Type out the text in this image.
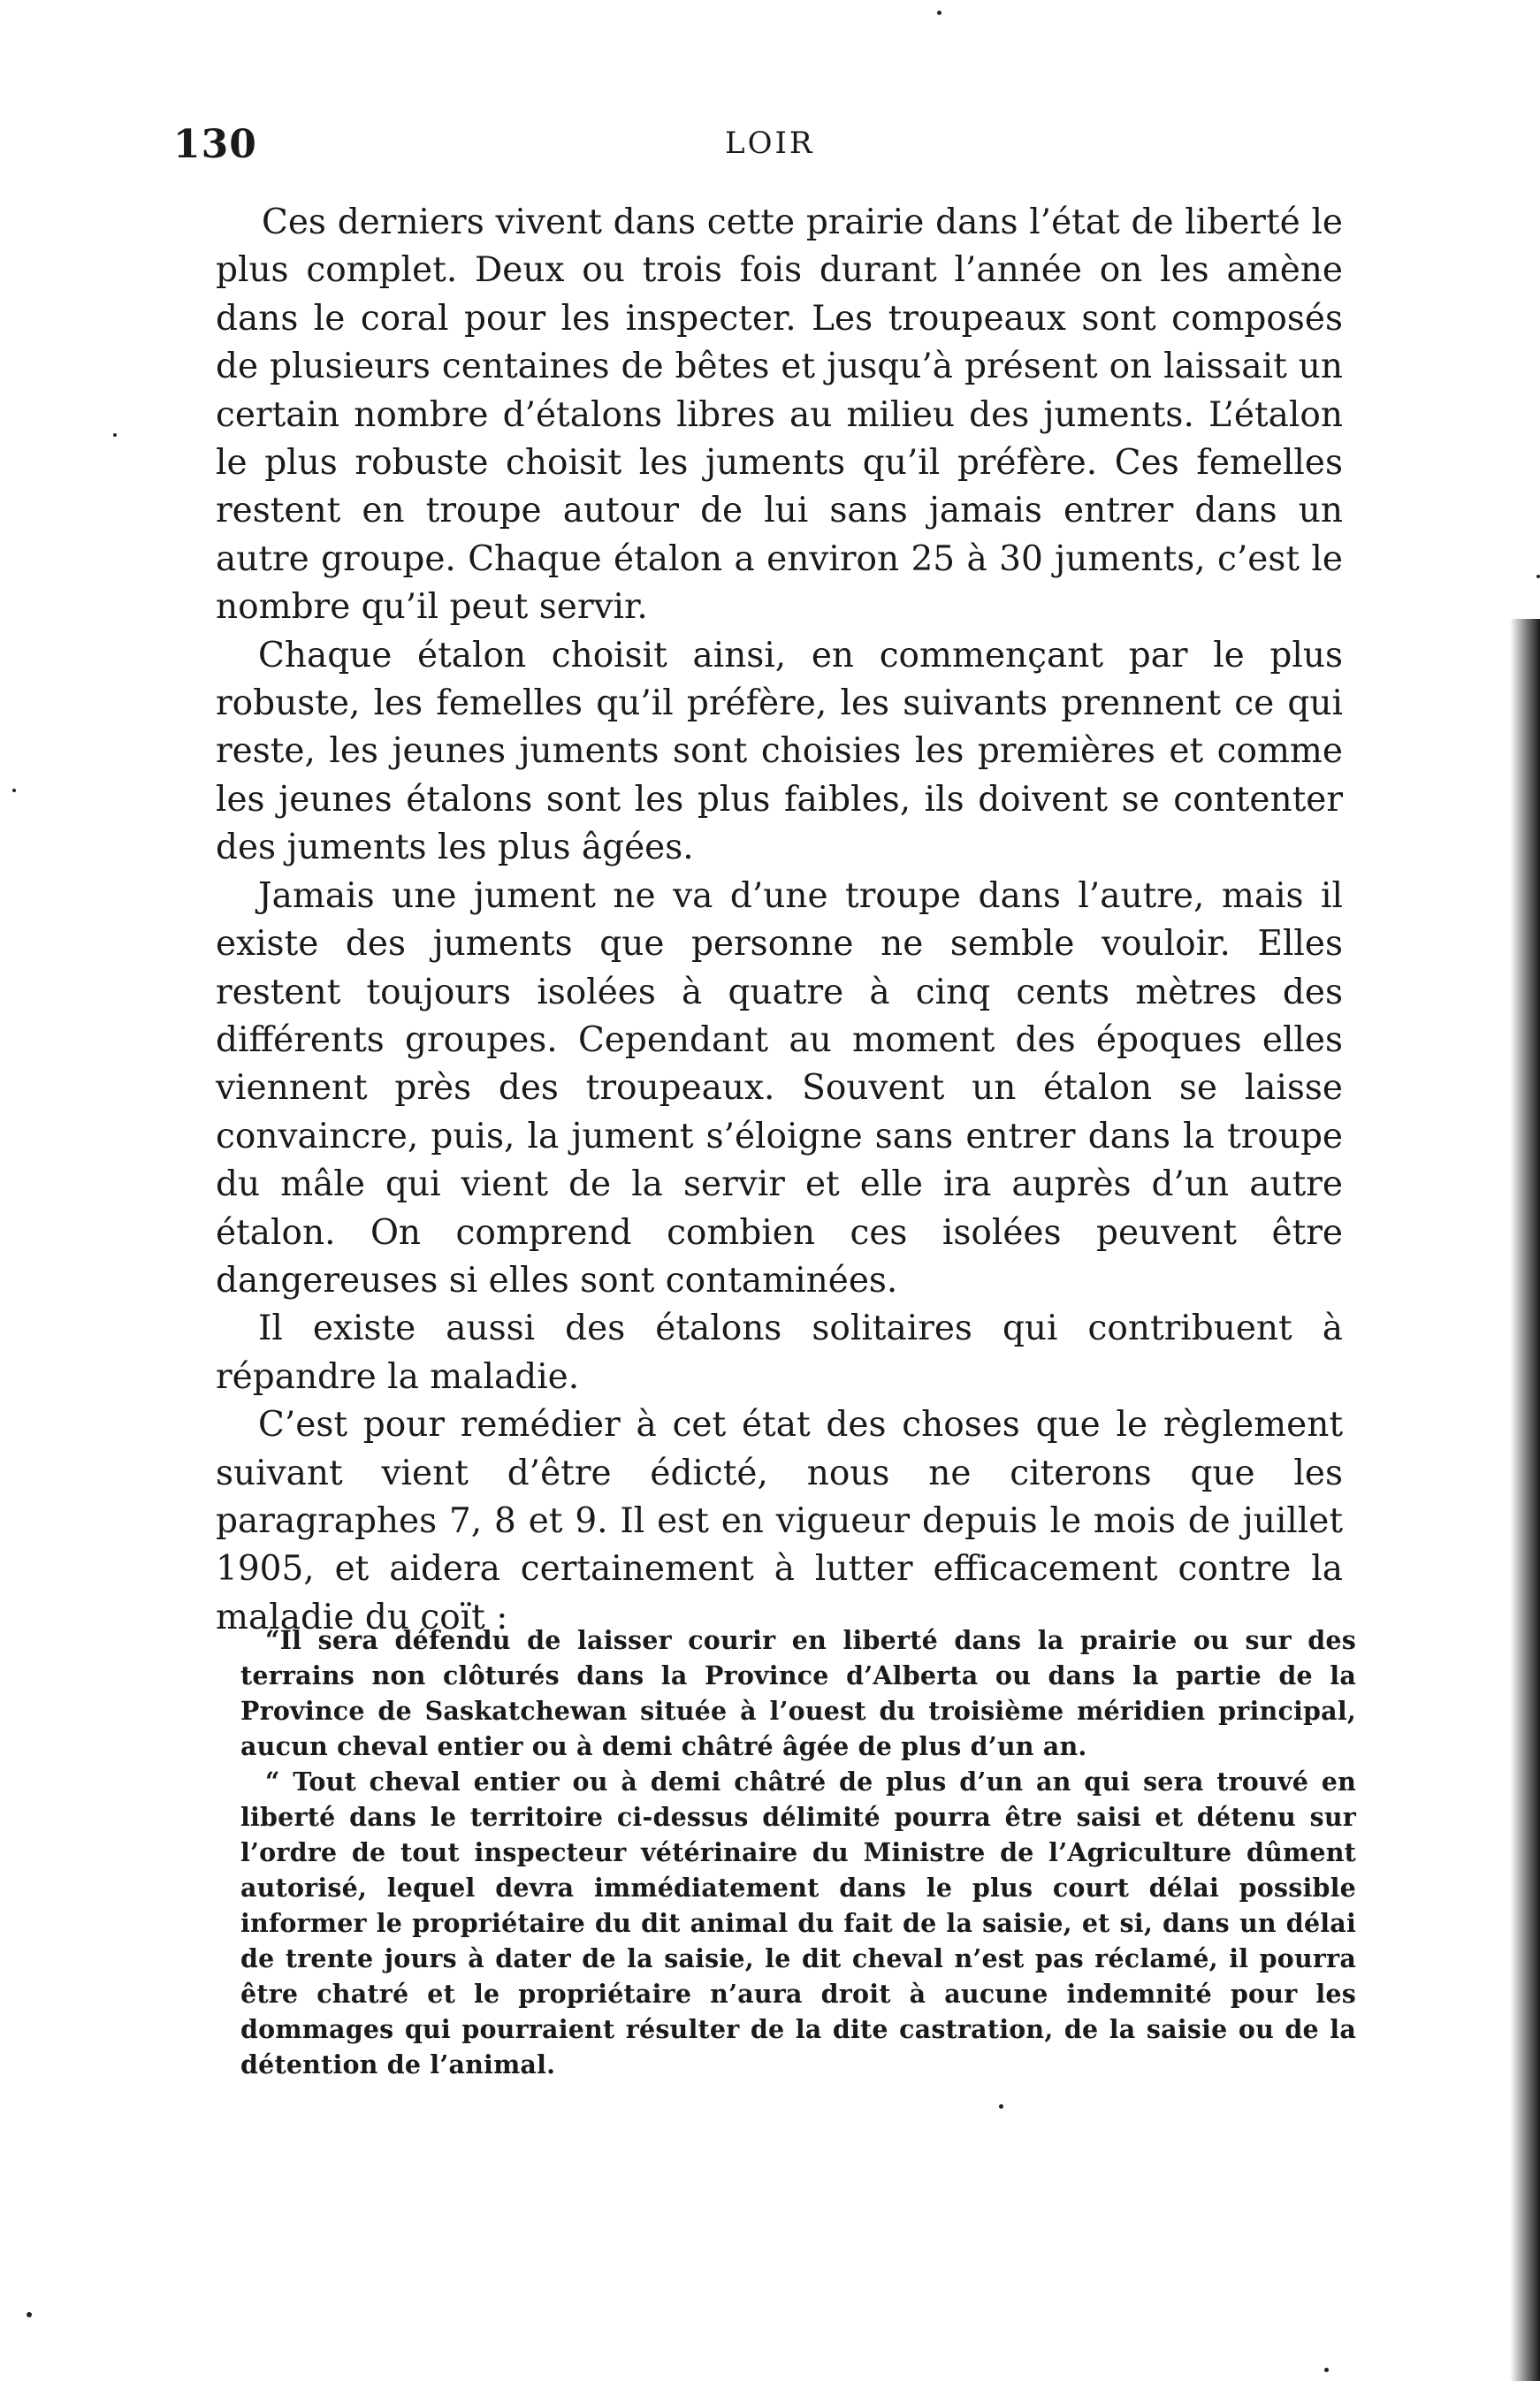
130	LOIR

Ces derniers vivent dans cette prairie dans l’état de liberté le plus complet. Deux ou trois fois durant l’année on les amène dans le coral pour les inspecter. Les troupeaux sont composés de plusieurs centaines de bêtes et jusqu’à présent on laissait un certain nombre d’étalons libres au milieu des juments. L’étalon le plus robuste choisit les juments qu’il préfère. Ces femelles restent en troupe autour de lui sans jamais entrer dans un autre groupe. Chaque étalon a environ 25 à 30 juments, c’est le nombre qu’il peut servir.

Chaque étalon choisit ainsi, en commençant par le plus robuste, les femelles qu’il préfère, les suivants prennent ce qui reste, les jeunes juments sont choisies les premières et comme les jeunes étalons sont les plus faibles, ils doivent se contenter des juments les plus âgées.

Jamais une jument ne va d’une troupe dans l’autre, mais il existe des juments que personne ne semble vouloir. Elles restent toujours isolées à quatre à cinq cents mètres des différents groupes. Cependant au moment des époques elles viennent près des troupeaux. Souvent un étalon se laisse convaincre, puis, la jument s’éloigne sans entrer dans la troupe du mâle qui vient de la servir et elle ira auprès d’un autre étalon. On comprend combien ces isolées peuvent être dangereuses si elles sont contaminées.

Il existe aussi des étalons solitaires qui contribuent à répandre la maladie.

C’est pour remédier à cet état des choses que le règlement suivant vient d’être édicté, nous ne citerons que les paragraphes 7, 8 et 9. Il est en vigueur depuis le mois de juillet 1905, et aidera certainement à lutter efficacement contre la maladie du coït :

“Il sera défendu de laisser courir en liberté dans la prairie ou sur des terrains non clôturés dans la Province d’Alberta ou dans la partie de la Province de Saskatchewan située à l’ouest du troisième méridien principal, aucun cheval entier ou à demi châtré âgée de plus d’un an.

“ Tout cheval entier ou à demi châtré de plus d’un an qui sera trouvé en liberté dans le territoire ci-dessus délimité pourra être saisi et détenu sur l’ordre de tout inspecteur vétérinaire du Ministre de l’Agriculture dûment autorisé, lequel devra immédiatement dans le plus court délai possible informer le propriétaire du dit animal du fait de la saisie, et si, dans un délai de trente jours à dater de la saisie, le dit cheval n’est pas réclamé, il pourra être chatré et le propriétaire n’aura droit à aucune indemnité pour les dommages qui pourraient résulter de la dite castration, de la saisie ou de la détention de l’animal.
